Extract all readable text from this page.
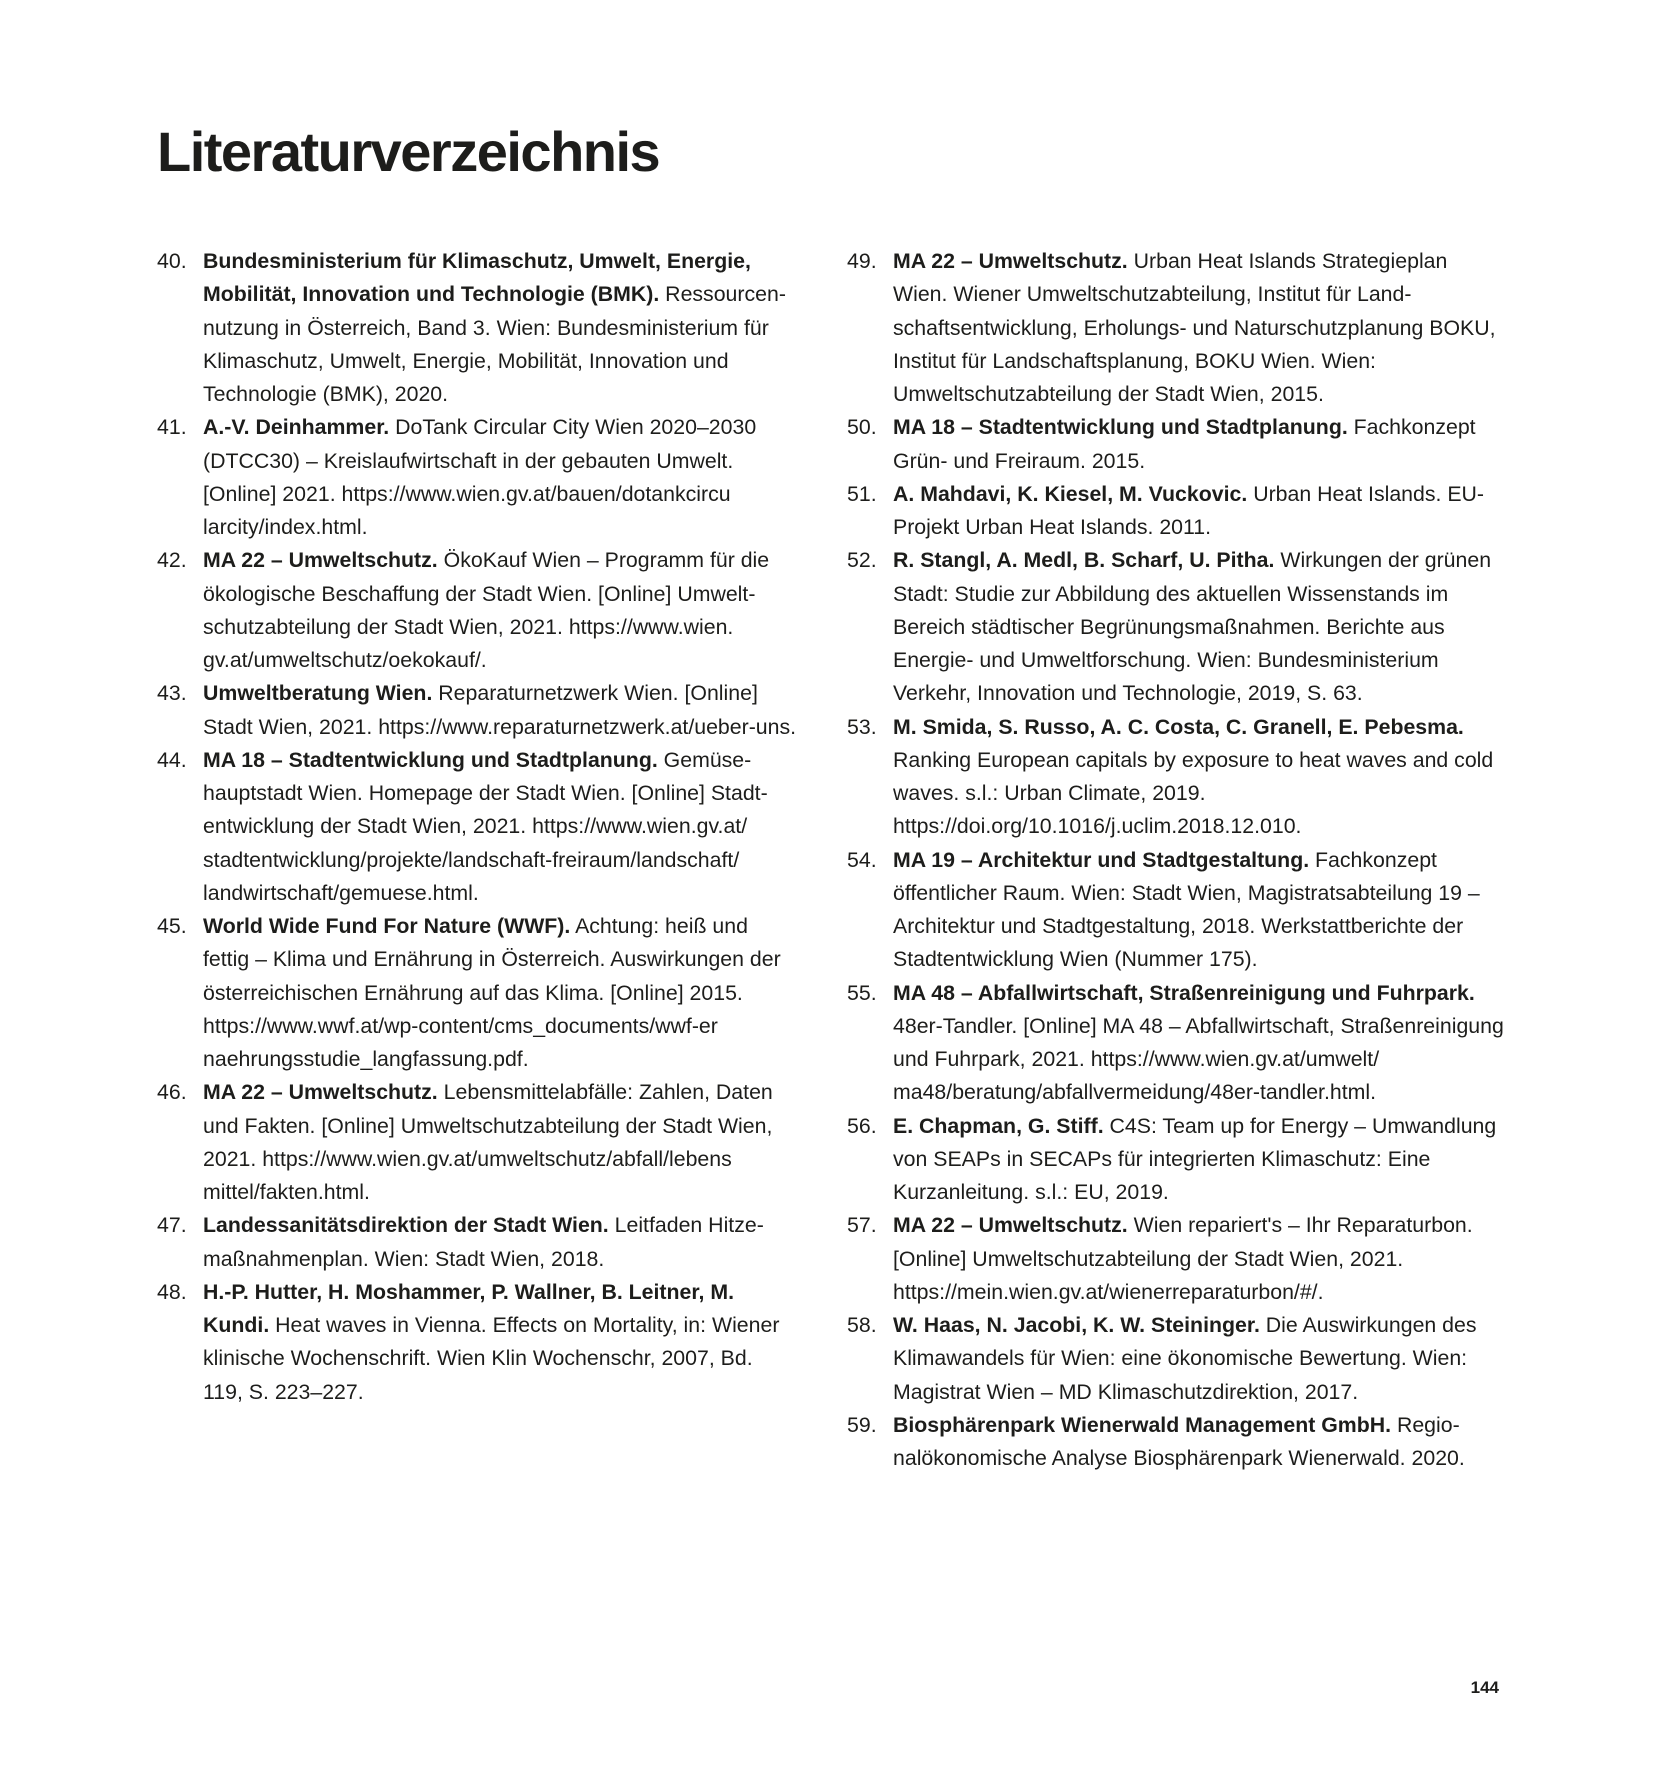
Literaturverzeichnis
40. Bundesministerium für Klimaschutz, Umwelt, Energie, Mobilität, Innovation und Technologie (BMK). Ressourcennutzung in Österreich, Band 3. Wien: Bundesministerium für Klimaschutz, Umwelt, Energie, Mobilität, Innovation und Technologie (BMK), 2020.
41. A.-V. Deinhammer. DoTank Circular City Wien 2020–2030 (DTCC30) – Kreislaufwirtschaft in der gebauten Umwelt. [Online] 2021. https://www.wien.gv.at/bauen/dotankcircu larcity/index.html.
42. MA 22 – Umweltschutz. ÖkoKauf Wien – Programm für die ökologische Beschaffung der Stadt Wien. [Online] Umweltschutzabteilung der Stadt Wien, 2021. https://www.wien. gv.at/umweltschutz/oekokauf/.
43. Umweltberatung Wien. Reparaturnetzwerk Wien. [Online] Stadt Wien, 2021. https://www.reparaturnetzwerk.at/ueber-uns.
44. MA 18 – Stadtentwicklung und Stadtplanung. Gemüsehauptstadt Wien. Homepage der Stadt Wien. [Online] Stadtentwicklung der Stadt Wien, 2021. https://www.wien.gv.at/ stadtentwicklung/projekte/landschaft-freiraum/landschaft/ landwirtschaft/gemuese.html.
45. World Wide Fund For Nature (WWF). Achtung: heiß und fettig – Klima und Ernährung in Österreich. Auswirkungen der österreichischen Ernährung auf das Klima. [Online] 2015. https://www.wwf.at/wp-content/cms_documents/wwf-er naehrungsstudie_langfassung.pdf.
46. MA 22 – Umweltschutz. Lebensmittelabfälle: Zahlen, Daten und Fakten. [Online] Umweltschutzabteilung der Stadt Wien, 2021. https://www.wien.gv.at/umweltschutz/abfall/lebens mittel/fakten.html.
47. Landessanitätsdirektion der Stadt Wien. Leitfaden Hitzemaßnahmenplan. Wien: Stadt Wien, 2018.
48. H.-P. Hutter, H. Moshammer, P. Wallner, B. Leitner, M. Kundi. Heat waves in Vienna. Effects on Mortality, in: Wiener klinische Wochenschrift. Wien Klin Wochenschr, 2007, Bd. 119, S. 223–227.
49. MA 22 – Umweltschutz. Urban Heat Islands Strategieplan Wien. Wiener Umweltschutzabteilung, Institut für Landschaftsentwicklung, Erholungs- und Naturschutzplanung BOKU, Institut für Landschaftsplanung, BOKU Wien. Wien: Umweltschutzabteilung der Stadt Wien, 2015.
50. MA 18 – Stadtentwicklung und Stadtplanung. Fachkonzept Grün- und Freiraum. 2015.
51. A. Mahdavi, K. Kiesel, M. Vuckovic. Urban Heat Islands. EU-Projekt Urban Heat Islands. 2011.
52. R. Stangl, A. Medl, B. Scharf, U. Pitha. Wirkungen der grünen Stadt: Studie zur Abbildung des aktuellen Wissenstands im Bereich städtischer Begrünungsmaßnahmen. Berichte aus Energie- und Umweltforschung. Wien: Bundesministerium Verkehr, Innovation und Technologie, 2019, S. 63.
53. M. Smida, S. Russo, A. C. Costa, C. Granell, E. Pebesma. Ranking European capitals by exposure to heat waves and cold waves. s.l.: Urban Climate, 2019. https://doi.org/10.1016/j.uclim.2018.12.010.
54. MA 19 – Architektur und Stadtgestaltung. Fachkonzept öffentlicher Raum. Wien: Stadt Wien, Magistratsabteilung 19 – Architektur und Stadtgestaltung, 2018. Werkstattberichte der Stadtentwicklung Wien (Nummer 175).
55. MA 48 – Abfallwirtschaft, Straßenreinigung und Fuhrpark. 48er-Tandler. [Online] MA 48 – Abfallwirtschaft, Straßenreinigung und Fuhrpark, 2021. https://www.wien.gv.at/umwelt/ ma48/beratung/abfallvermeidung/48er-tandler.html.
56. E. Chapman, G. Stiff. C4S: Team up for Energy – Umwandlung von SEAPs in SECAPs für integrierten Klimaschutz: Eine Kurzanleitung. s.l.: EU, 2019.
57. MA 22 – Umweltschutz. Wien repariert's – Ihr Reparaturbon. [Online] Umweltschutzabteilung der Stadt Wien, 2021. https://mein.wien.gv.at/wienerreparaturbon/#/.
58. W. Haas, N. Jacobi, K. W. Steininger. Die Auswirkungen des Klimawandels für Wien: eine ökonomische Bewertung. Wien: Magistrat Wien – MD Klimaschutzdirektion, 2017.
59. Biosphärenpark Wienerwald Management GmbH. Regionalökonomische Analyse Biosphärenpark Wienerwald. 2020.
144
